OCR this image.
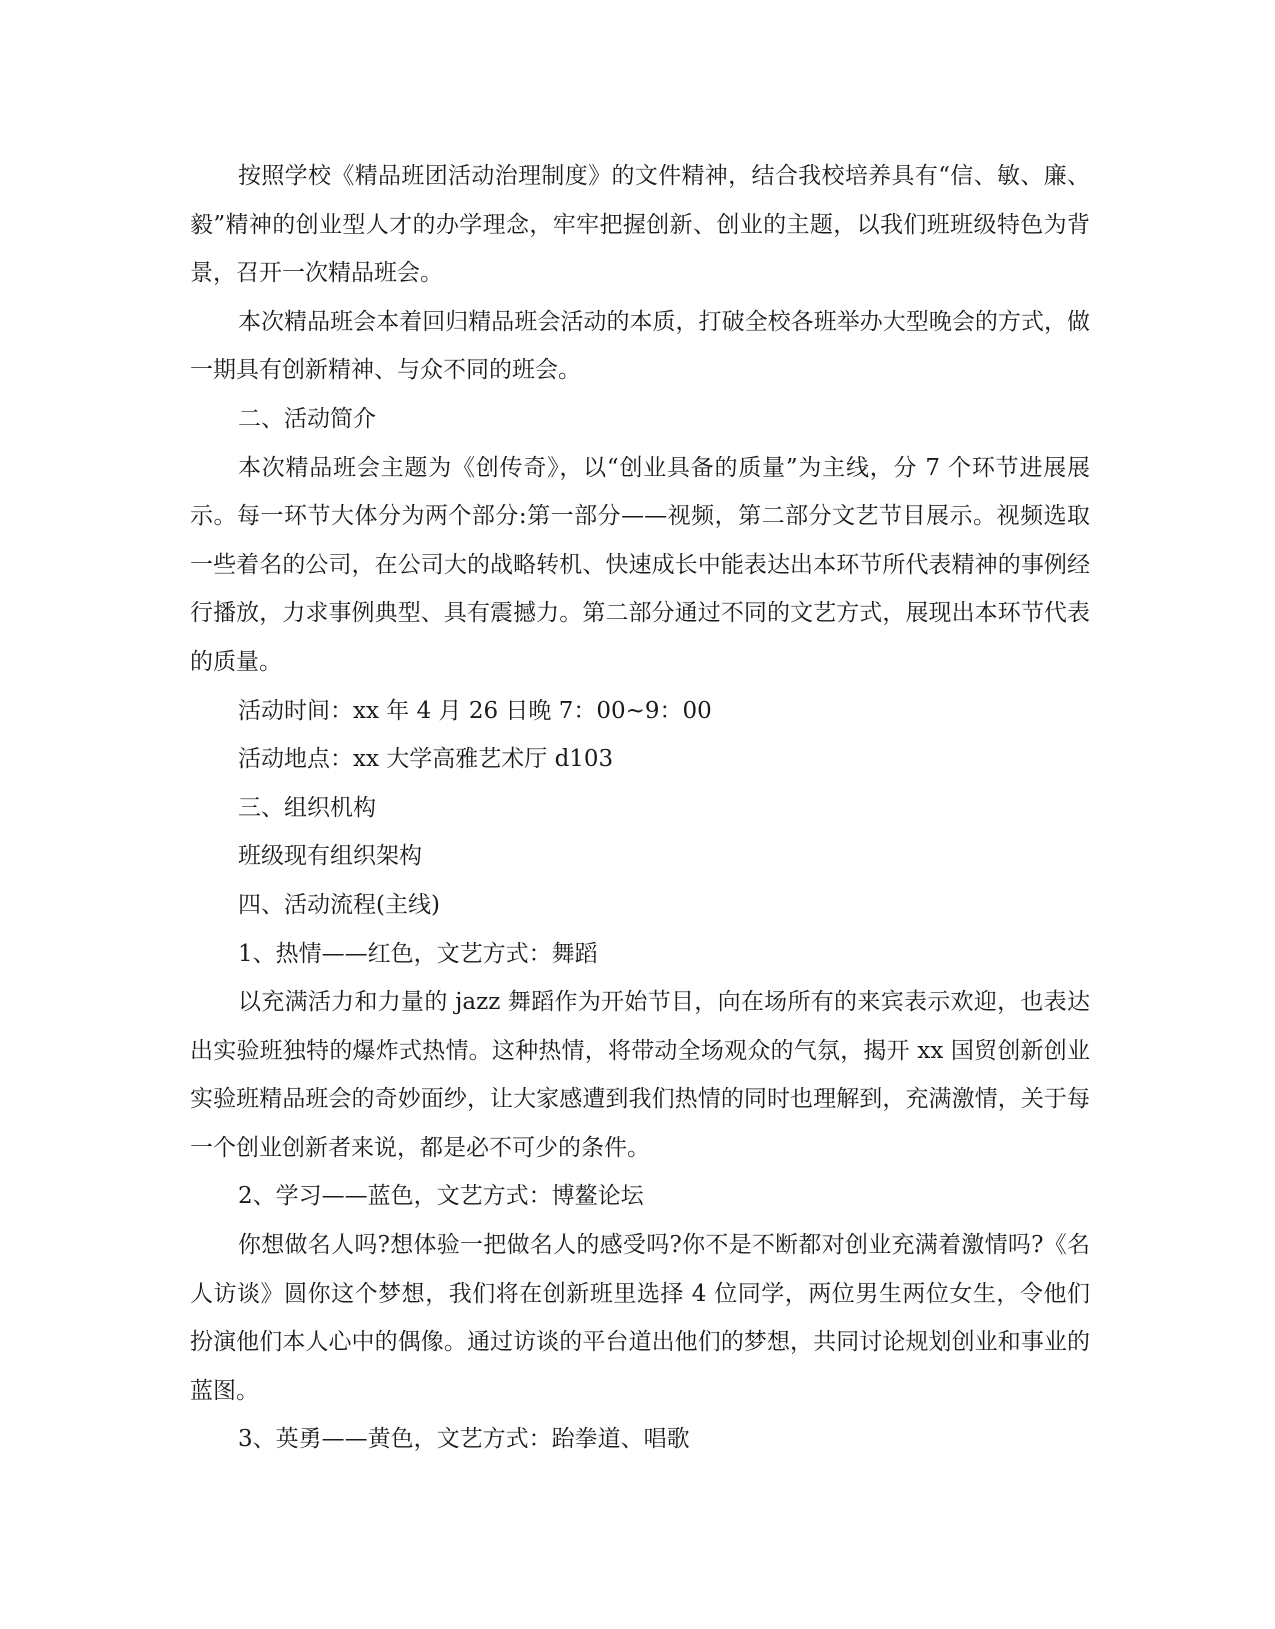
按照学校《精品班团活动治理制度》的文件精神，结合我校培养具有“信、敏、廉、毅”精神的创业型人才的办学理念，牢牢把握创新、创业的主题，以我们班班级特色为背景，召开一次精品班会。

本次精品班会本着回归精品班会活动的本质，打破全校各班举办大型晚会的方式，做一期具有创新精神、与众不同的班会。

二、活动简介

本次精品班会主题为《创传奇》，以“创业具备的质量”为主线，分 7 个环节进展展示。每一环节大体分为两个部分:第一部分——视频，第二部分文艺节目展示。视频选取一些着名的公司，在公司大的战略转机、快速成长中能表达出本环节所代表精神的事例经行播放，力求事例典型、具有震撼力。第二部分通过不同的文艺方式，展现出本环节代表的质量。

活动时间：xx 年 4 月 26 日晚 7：00~9：00

活动地点：xx 大学高雅艺术厅 d103

三、组织机构

班级现有组织架构

四、活动流程(主线)

1、热情——红色，文艺方式：舞蹈

以充满活力和力量的 jazz 舞蹈作为开始节目，向在场所有的来宾表示欢迎，也表达出实验班独特的爆炸式热情。这种热情，将带动全场观众的气氛，揭开 xx 国贸创新创业实验班精品班会的奇妙面纱，让大家感遭到我们热情的同时也理解到，充满激情，关于每一个创业创新者来说，都是必不可少的条件。

2、学习——蓝色，文艺方式：博鳌论坛

你想做名人吗?想体验一把做名人的感受吗?你不是不断都对创业充满着激情吗?《名人访谈》圆你这个梦想，我们将在创新班里选择 4 位同学，两位男生两位女生，令他们扮演他们本人心中的偶像。通过访谈的平台道出他们的梦想，共同讨论规划创业和事业的蓝图。

3、英勇——黄色，文艺方式：跆拳道、唱歌
